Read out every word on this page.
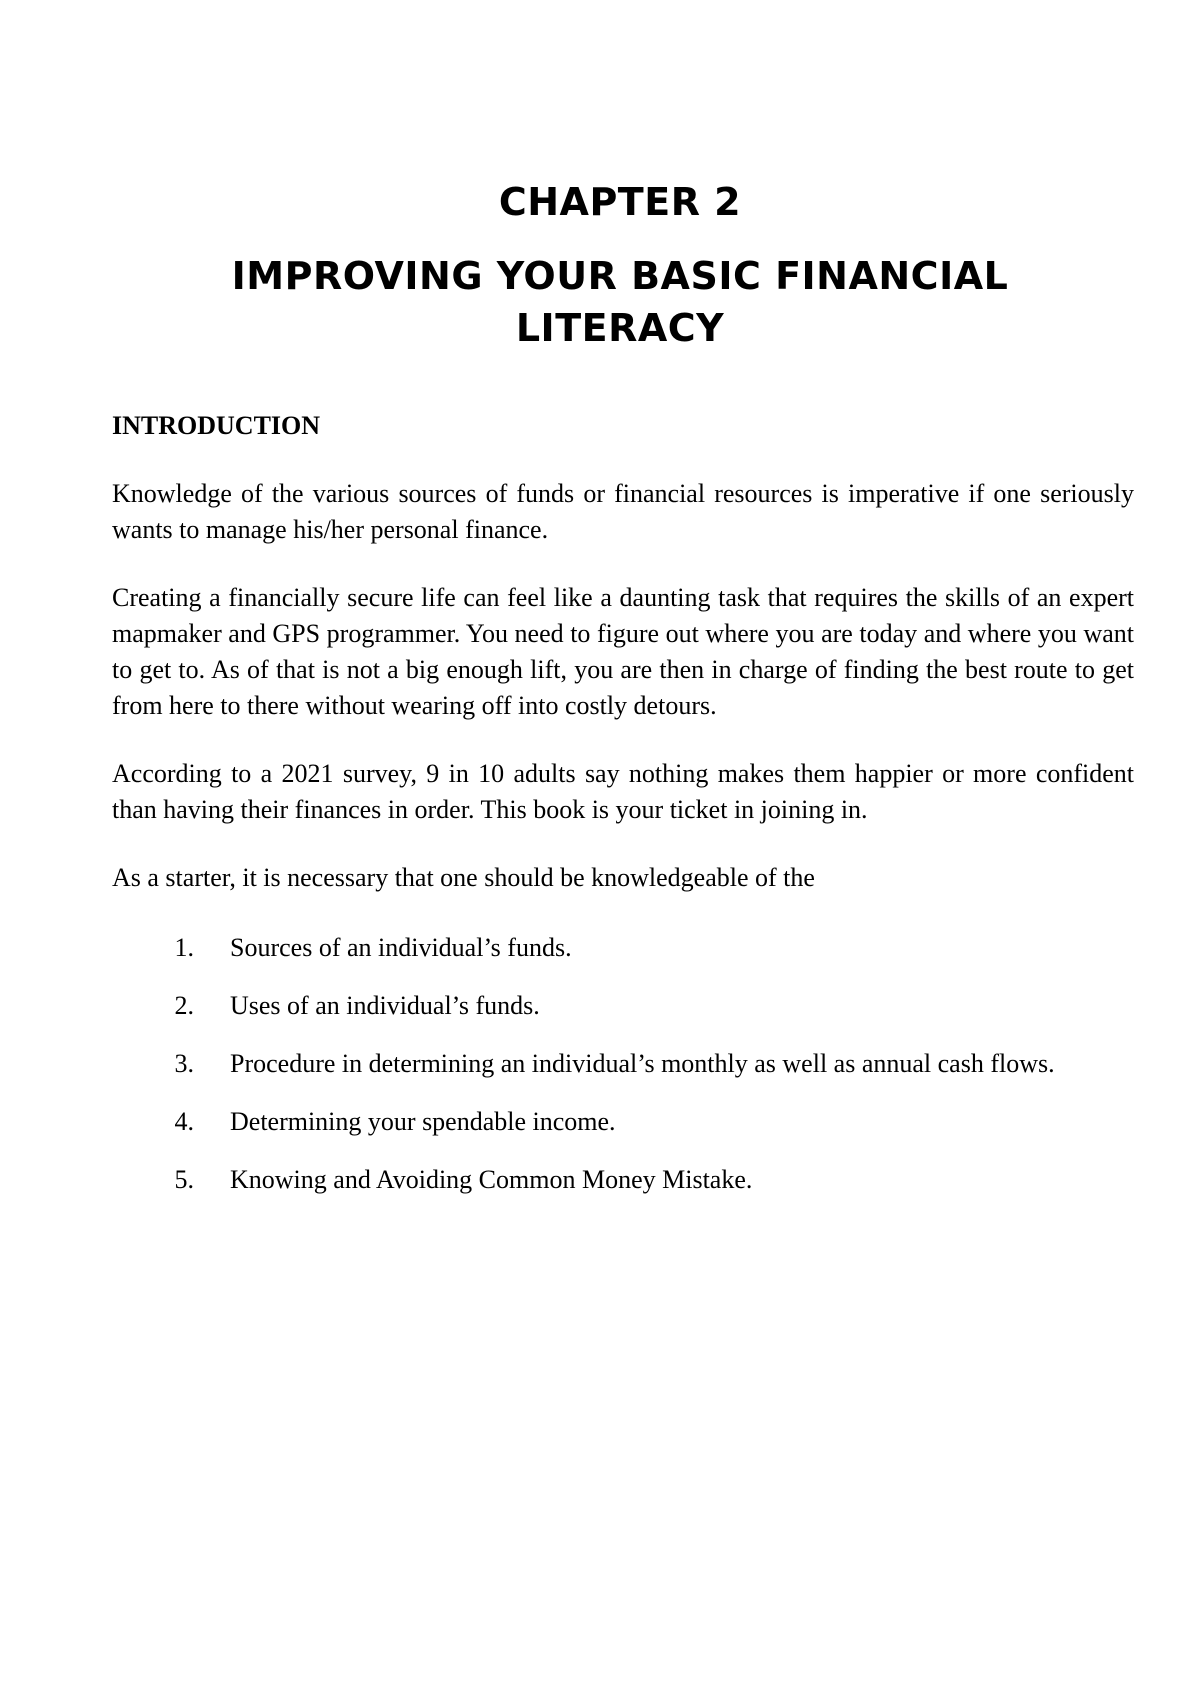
CHAPTER 2
IMPROVING YOUR BASIC FINANCIAL LITERACY
INTRODUCTION

Knowledge of the various sources of funds or financial resources is imperative if one seriously wants to manage his/her personal finance.

Creating a financially secure life can feel like a daunting task that requires the skills of an expert mapmaker and GPS programmer. You need to figure out where you are today and where you want to get to. As of that is not a big enough lift, you are then in charge of finding the best route to get from here to there without wearing off into costly detours.

According to a 2021 survey, 9 in 10 adults say nothing makes them happier or more confident than having their finances in order. This book is your ticket in joining in.

As a starter, it is necessary that one should be knowledgeable of the

1.	Sources of an individual’s funds.
2.	Uses of an individual’s funds.
3.	Procedure in determining an individual’s monthly as well as annual cash flows.
4.	Determining your spendable income.
5.	Knowing and Avoiding Common Money Mistake.
